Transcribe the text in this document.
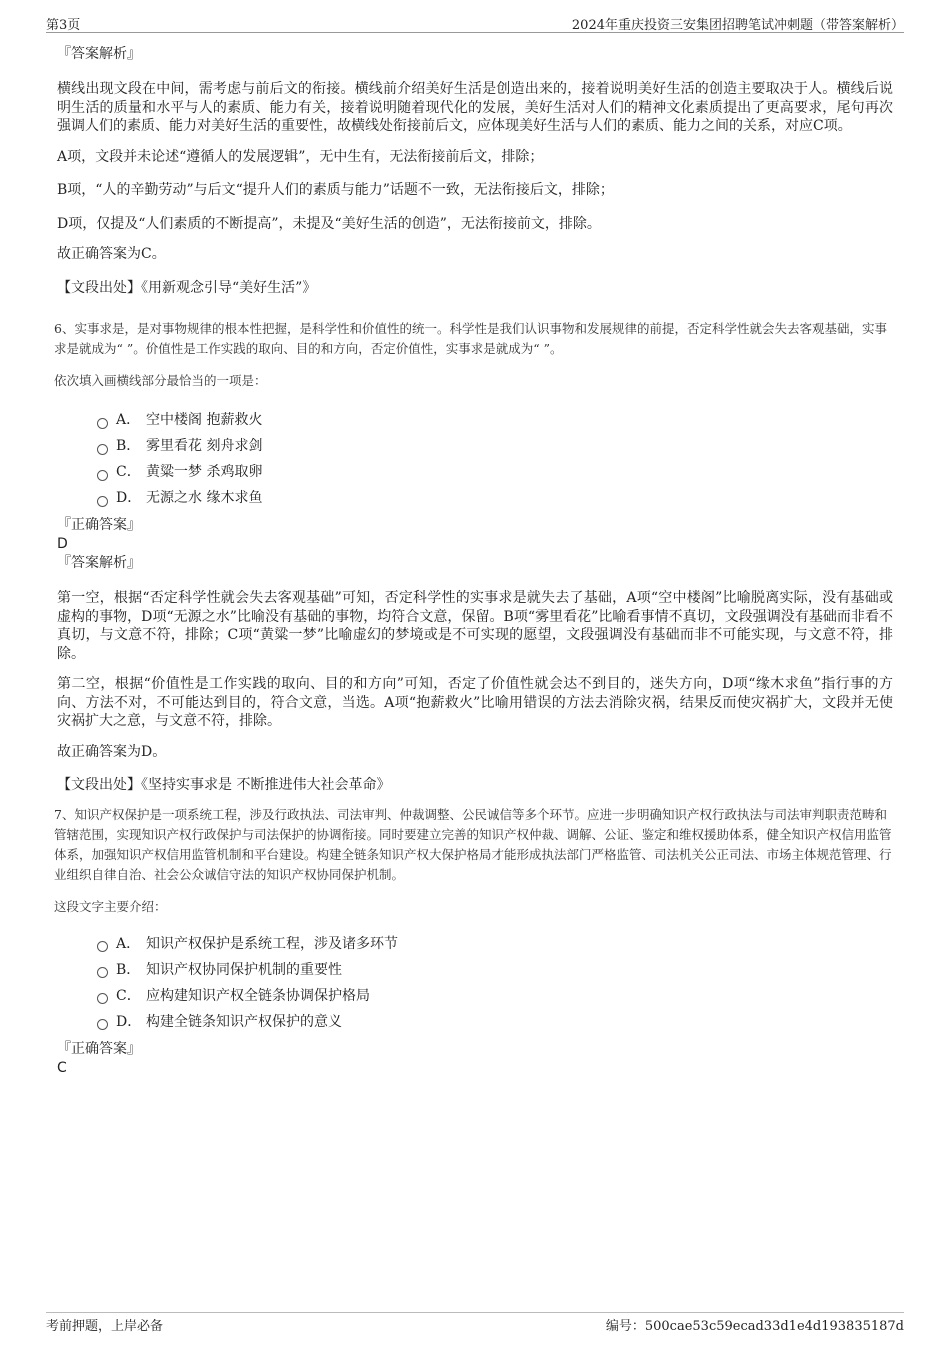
第3页	2024年重庆投资三安集团招聘笔试冲刺题（带答案解析）

『答案解析』

横线出现文段在中间，需考虑与前后文的衔接。横线前介绍美好生活是创造出来的，接着说明美好生活的创造主要取决于人。横线后说明生活的质量和水平与人的素质、能力有关，接着说明随着现代化的发展，美好生活对人们的精神文化素质提出了更高要求，尾句再次强调人们的素质、能力对美好生活的重要性，故横线处衔接前后文，应体现美好生活与人们的素质、能力之间的关系，对应C项。

A项，文段并未论述“遵循人的发展逻辑”，无中生有，无法衔接前后文，排除；

B项，“人的辛勤劳动”与后文“提升人们的素质与能力”话题不一致，无法衔接后文，排除；

D项，仅提及“人们素质的不断提高”，未提及“美好生活的创造”，无法衔接前文，排除。

故正确答案为C。

【文段出处】《用新观念引导“美好生活”》

6、实事求是，是对事物规律的根本性把握，是科学性和价值性的统一。科学性是我们认识事物和发展规律的前提，否定科学性就会失去客观基础，实事求是就成为“ ”。价值性是工作实践的取向、目的和方向，否定价值性，实事求是就成为“ ”。

依次填入画横线部分最恰当的一项是：

A． 空中楼阁 抱薪救火
B． 雾里看花 刻舟求剑
C． 黄粱一梦 杀鸡取卵
D． 无源之水 缘木求鱼

『正确答案』

D

『答案解析』

第一空，根据“否定科学性就会失去客观基础”可知，否定科学性的实事求是就失去了基础，A项“空中楼阁”比喻脱离实际，没有基础或虚构的事物，D项“无源之水”比喻没有基础的事物，均符合文意，保留。B项“雾里看花”比喻看事情不真切，文段强调没有基础而非看不真切，与文意不符，排除；C项“黄粱一梦”比喻虚幻的梦境或是不可实现的愿望，文段强调没有基础而非不可能实现，与文意不符，排除。

第二空，根据“价值性是工作实践的取向、目的和方向”可知，否定了价值性就会达不到目的，迷失方向，D项“缘木求鱼”指行事的方向、方法不对，不可能达到目的，符合文意，当选。A项“抱薪救火”比喻用错误的方法去消除灾祸，结果反而使灾祸扩大，文段并无使灾祸扩大之意，与文意不符，排除。

故正确答案为D。

【文段出处】《坚持实事求是 不断推进伟大社会革命》

7、知识产权保护是一项系统工程，涉及行政执法、司法审判、仲裁调整、公民诚信等多个环节。应进一步明确知识产权行政执法与司法审判职责范畴和管辖范围，实现知识产权行政保护与司法保护的协调衔接。同时要建立完善的知识产权仲裁、调解、公证、鉴定和维权援助体系，健全知识产权信用监管体系，加强知识产权信用监管机制和平台建设。构建全链条知识产权大保护格局才能形成执法部门严格监管、司法机关公正司法、市场主体规范管理、行业组织自律自治、社会公众诚信守法的知识产权协同保护机制。

这段文字主要介绍：

A． 知识产权保护是系统工程，涉及诸多环节
B． 知识产权协同保护机制的重要性
C． 应构建知识产权全链条协调保护格局
D． 构建全链条知识产权保护的意义

『正确答案』

C

考前押题，上岸必备	编号：500cae53c59ecad33d1e4d193835187d
